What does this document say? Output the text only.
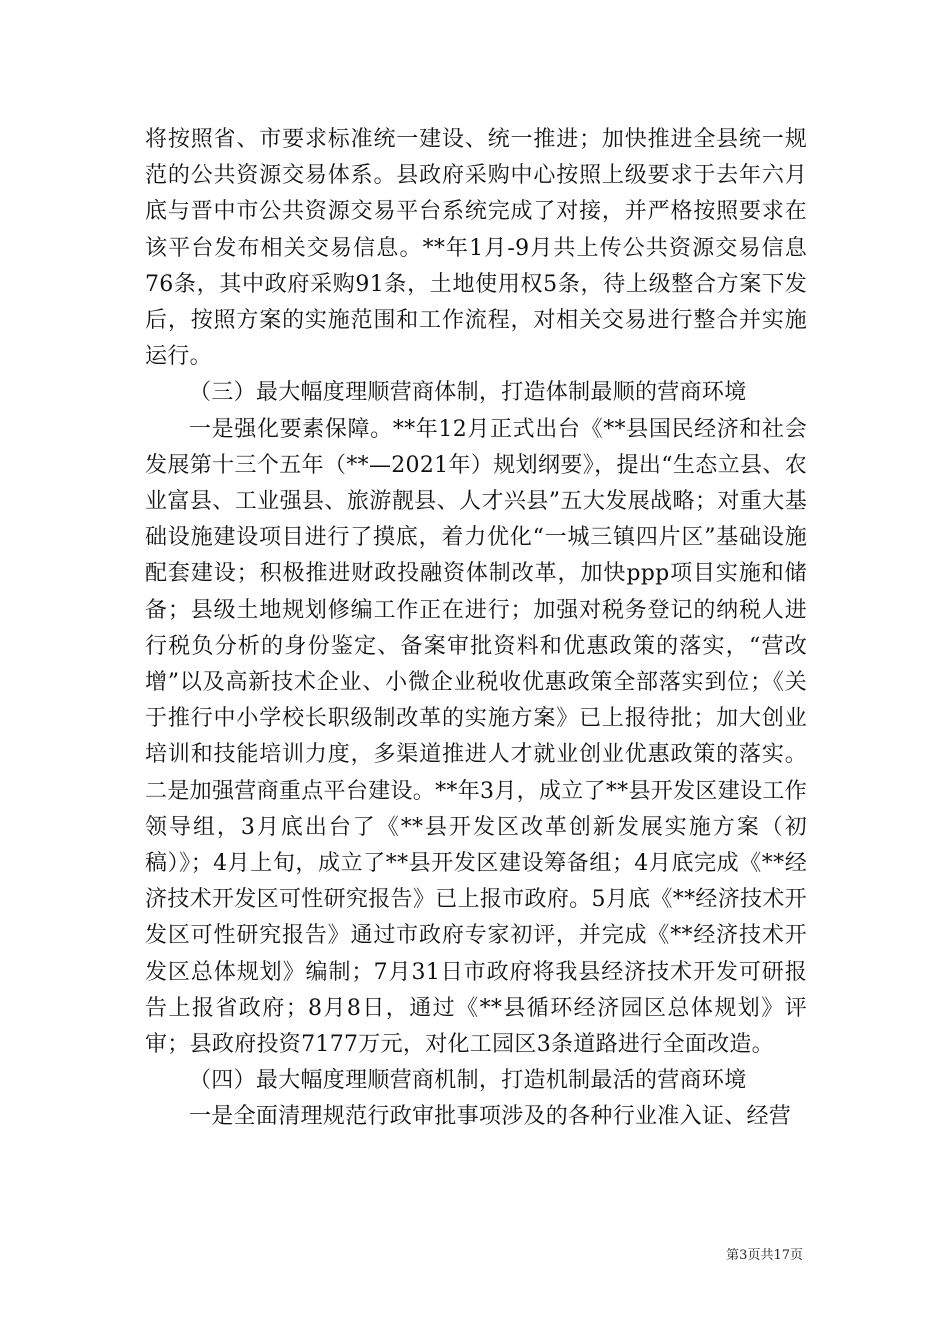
将按照省、市要求标准统一建设、统一推进；加快推进全县统一规范的公共资源交易体系。县政府采购中心按照上级要求于去年六月底与晋中市公共资源交易平台系统完成了对接，并严格按照要求在该平台发布相关交易信息。**年1月-9月共上传公共资源交易信息76条，其中政府采购91条，土地使用权5条，待上级整合方案下发后，按照方案的实施范围和工作流程，对相关交易进行整合并实施运行。

（三）最大幅度理顺营商体制，打造体制最顺的营商环境

一是强化要素保障。**年12月正式出台《**县国民经济和社会发展第十三个五年（**—2021年）规划纲要》，提出“生态立县、农业富县、工业强县、旅游靓县、人才兴县”五大发展战略；对重大基础设施建设项目进行了摸底，着力优化“一城三镇四片区”基础设施配套建设；积极推进财政投融资体制改革，加快ppp项目实施和储备；县级土地规划修编工作正在进行；加强对税务登记的纳税人进行税负分析的身份鉴定、备案审批资料和优惠政策的落实，“营改增”以及高新技术企业、小微企业税收优惠政策全部落实到位；《关于推行中小学校长职级制改革的实施方案》已上报待批；加大创业培训和技能培训力度，多渠道推进人才就业创业优惠政策的落实。二是加强营商重点平台建设。**年3月，成立了**县开发区建设工作领导组，3月底出台了《**县开发区改革创新发展实施方案（初稿）》；4月上旬，成立了**县开发区建设筹备组；4月底完成《**经济技术开发区可性研究报告》已上报市政府。5月底《**经济技术开发区可性研究报告》通过市政府专家初评，并完成《**经济技术开发区总体规划》编制；7月31日市政府将我县经济技术开发可研报告上报省政府；8月8日，通过《**县循环经济园区总体规划》评审；县政府投资7177万元，对化工园区3条道路进行全面改造。

（四）最大幅度理顺营商机制，打造机制最活的营商环境

一是全面清理规范行政审批事项涉及的各种行业准入证、经营

第3页共17页
